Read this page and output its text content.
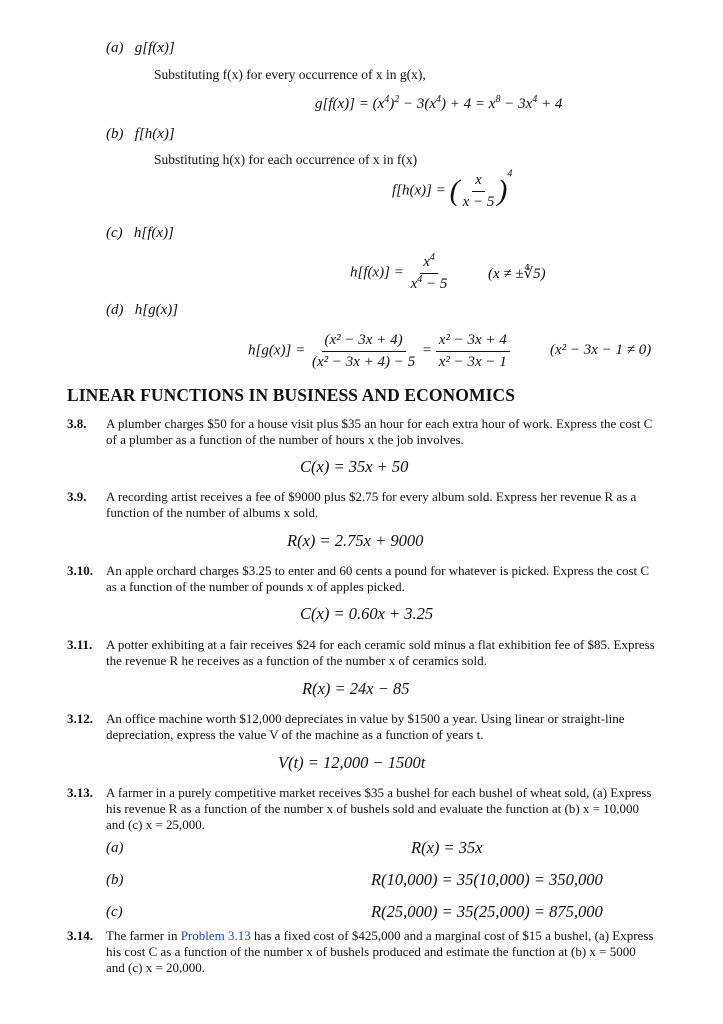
(a) g[f(x)]
Substituting f(x) for every occurrence of x in g(x),
$g[f(x)] = (x^4)^2 - 3(x^4) + 4 = x^8 - 3x^4 + 4$
(b) f[h(x)]
Substituting h(x) for each occurrence of x in f(x)
f[h(x)] = ( $\frac{x}{x - 5} )^4$
(c) h[f(x)]
$h[f(x)] = \frac{x^4}{x^4 - 5}$	(x ≠ ±∜5)
(d) h[g(x)]
$h[g(x)] = \frac{\text{(x² − 3x + 4)}}{\text{(x² − 3x + 4) − 5}} = \frac{\text{x² − 3x + 4}}{\text{x² − 3x − 1}}$	(x² − 3x − 1 ≠ 0)
LINEAR FUNCTIONS IN BUSINESS AND ECONOMICS
3.8. A plumber charges $50 for a house visit plus $35 an hour for each extra hour of work. Express the cost C of a plumber as a function of the number of hours x the job involves.
C(x) = 35x + 50
3.9. A recording artist receives a fee of $9000 plus $2.75 for every album sold. Express her revenue R as a function of the number of albums x sold.
R(x) = 2.75x + 9000
3.10. An apple orchard charges $3.25 to enter and 60 cents a pound for whatever is picked. Express the cost C as a function of the number of pounds x of apples picked.
C(x) = 0.60x + 3.25
3.11. A potter exhibiting at a fair receives $24 for each ceramic sold minus a flat exhibition fee of $85. Express the revenue R he receives as a function of the number x of ceramics sold.
R(x) = 24x − 85
3.12. An office machine worth $12,000 depreciates in value by $1500 a year. Using linear or straight-line depreciation, express the value V of the machine as a function of years t.
V(t) = 12,000 − 1500t
3.13. A farmer in a purely competitive market receives $35 a bushel for each bushel of wheat sold, (a) Express his revenue R as a function of the number x of bushels sold and evaluate the function at (b) x = 10,000 and (c) x = 25,000.
(a)	R(x) = 35x
(b)	R(10,000) = 35(10,000) = 350,000
(c)	R(25,000) = 35(25,000) = 875,000
3.14. The farmer in Problem 3.13 has a fixed cost of $425,000 and a marginal cost of $15 a bushel, (a) Express his cost C as a function of the number x of bushels produced and estimate the function at (b) x = 5000 and (c) x = 20,000.
